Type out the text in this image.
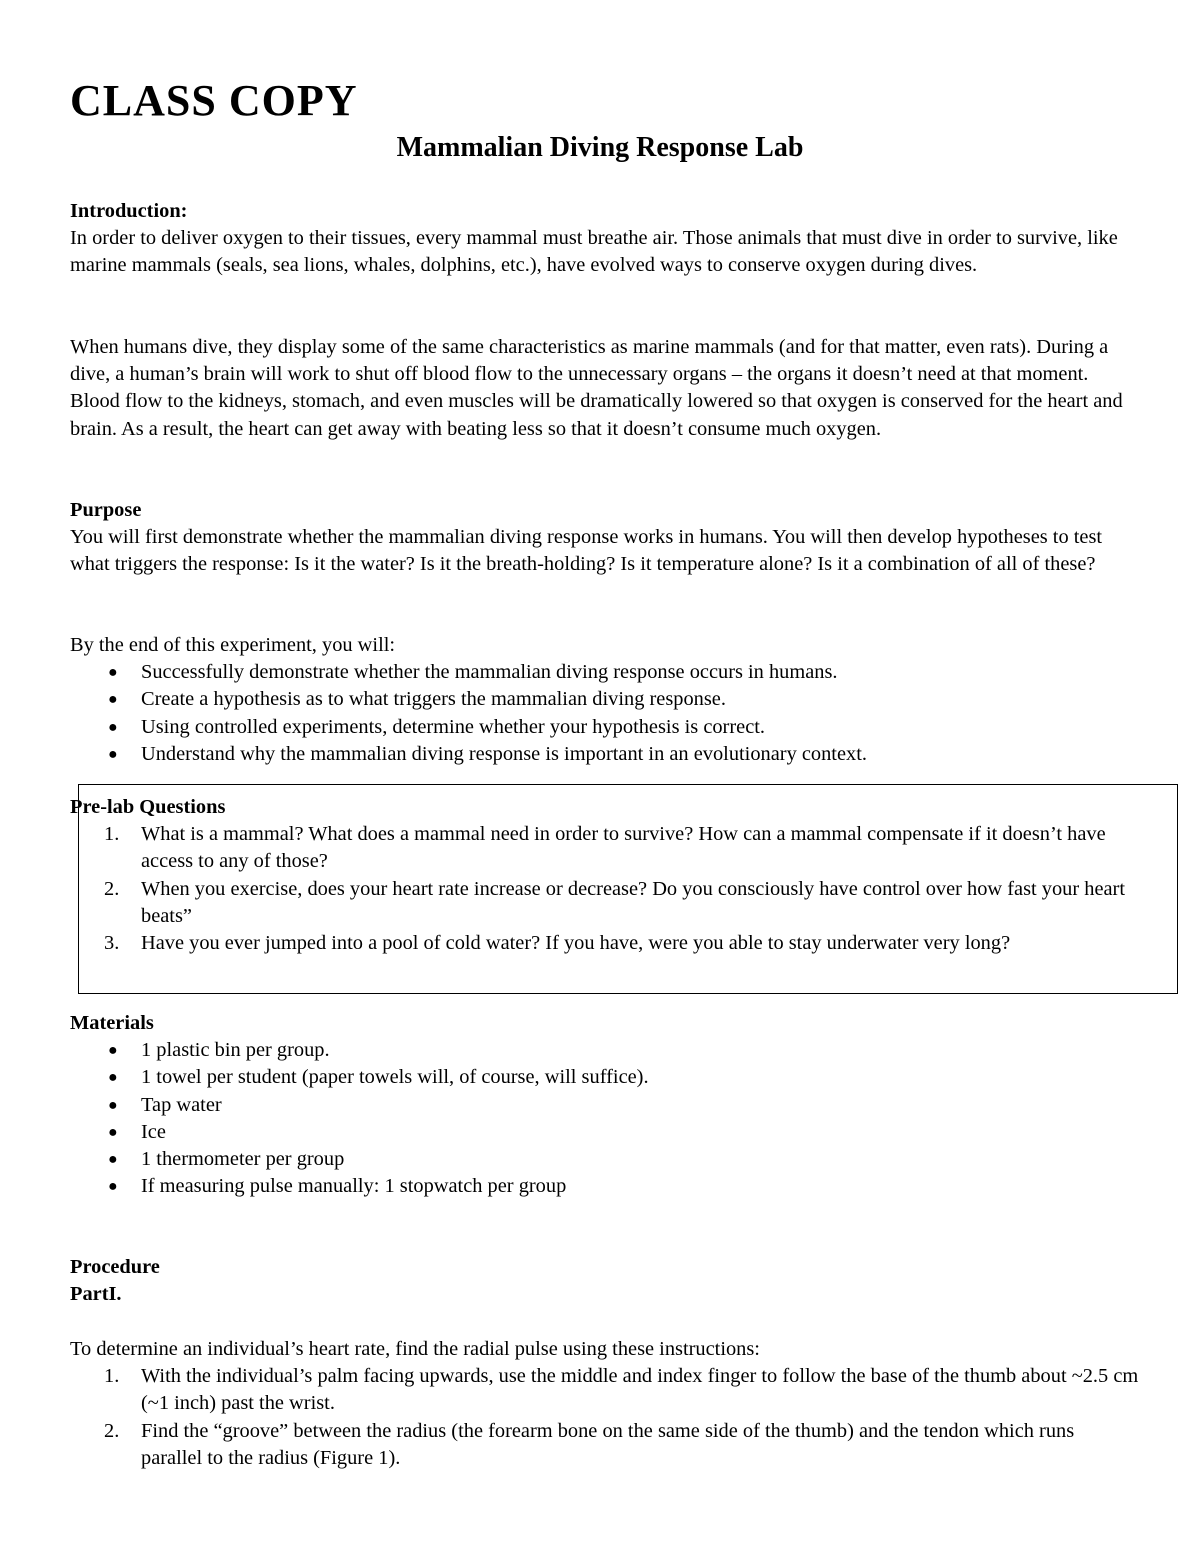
CLASS COPY
Mammalian Diving Response Lab

Introduction:

In order to deliver oxygen to their tissues, every mammal must breathe air. Those animals that must dive in order to survive, like marine mammals (seals, sea lions, whales, dolphins, etc.), have evolved ways to conserve oxygen during dives.

When humans dive, they display some of the same characteristics as marine mammals (and for that matter, even rats). During a dive, a human’s brain will work to shut off blood flow to the unnecessary organs – the organs it doesn’t need at that moment. Blood flow to the kidneys, stomach, and even muscles will be dramatically lowered so that oxygen is conserved for the heart and brain. As a result, the heart can get away with beating less so that it doesn’t consume much oxygen.

Purpose

You will first demonstrate whether the mammalian diving response works in humans. You will then develop hypotheses to test what triggers the response: Is it the water? Is it the breath-holding? Is it temperature alone? Is it a combination of all of these?

By the end of this experiment, you will:

● Successfully demonstrate whether the mammalian diving response occurs in humans.
● Create a hypothesis as to what triggers the mammalian diving response.
● Using controlled experiments, determine whether your hypothesis is correct.
● Understand why the mammalian diving response is important in an evolutionary context.

Pre-lab Questions

1. What is a mammal? What does a mammal need in order to survive? How can a mammal compensate if it doesn’t have access to any of those?
2. When you exercise, does your heart rate increase or decrease? Do you consciously have control over how fast your heart beats”
3. Have you ever jumped into a pool of cold water? If you have, were you able to stay underwater very long?

Materials

● 1 plastic bin per group.
● 1 towel per student (paper towels will, of course, will suffice).
● Tap water
● Ice
● 1 thermometer per group
● If measuring pulse manually: 1 stopwatch per group

Procedure

PartI.

To determine an individual’s heart rate, find the radial pulse using these instructions:

1. With the individual’s palm facing upwards, use the middle and index finger to follow the base of the thumb about ~2.5 cm (~1 inch) past the wrist.
2. Find the “groove” between the radius (the forearm bone on the same side of the thumb) and the tendon which runs parallel to the radius (Figure 1).
